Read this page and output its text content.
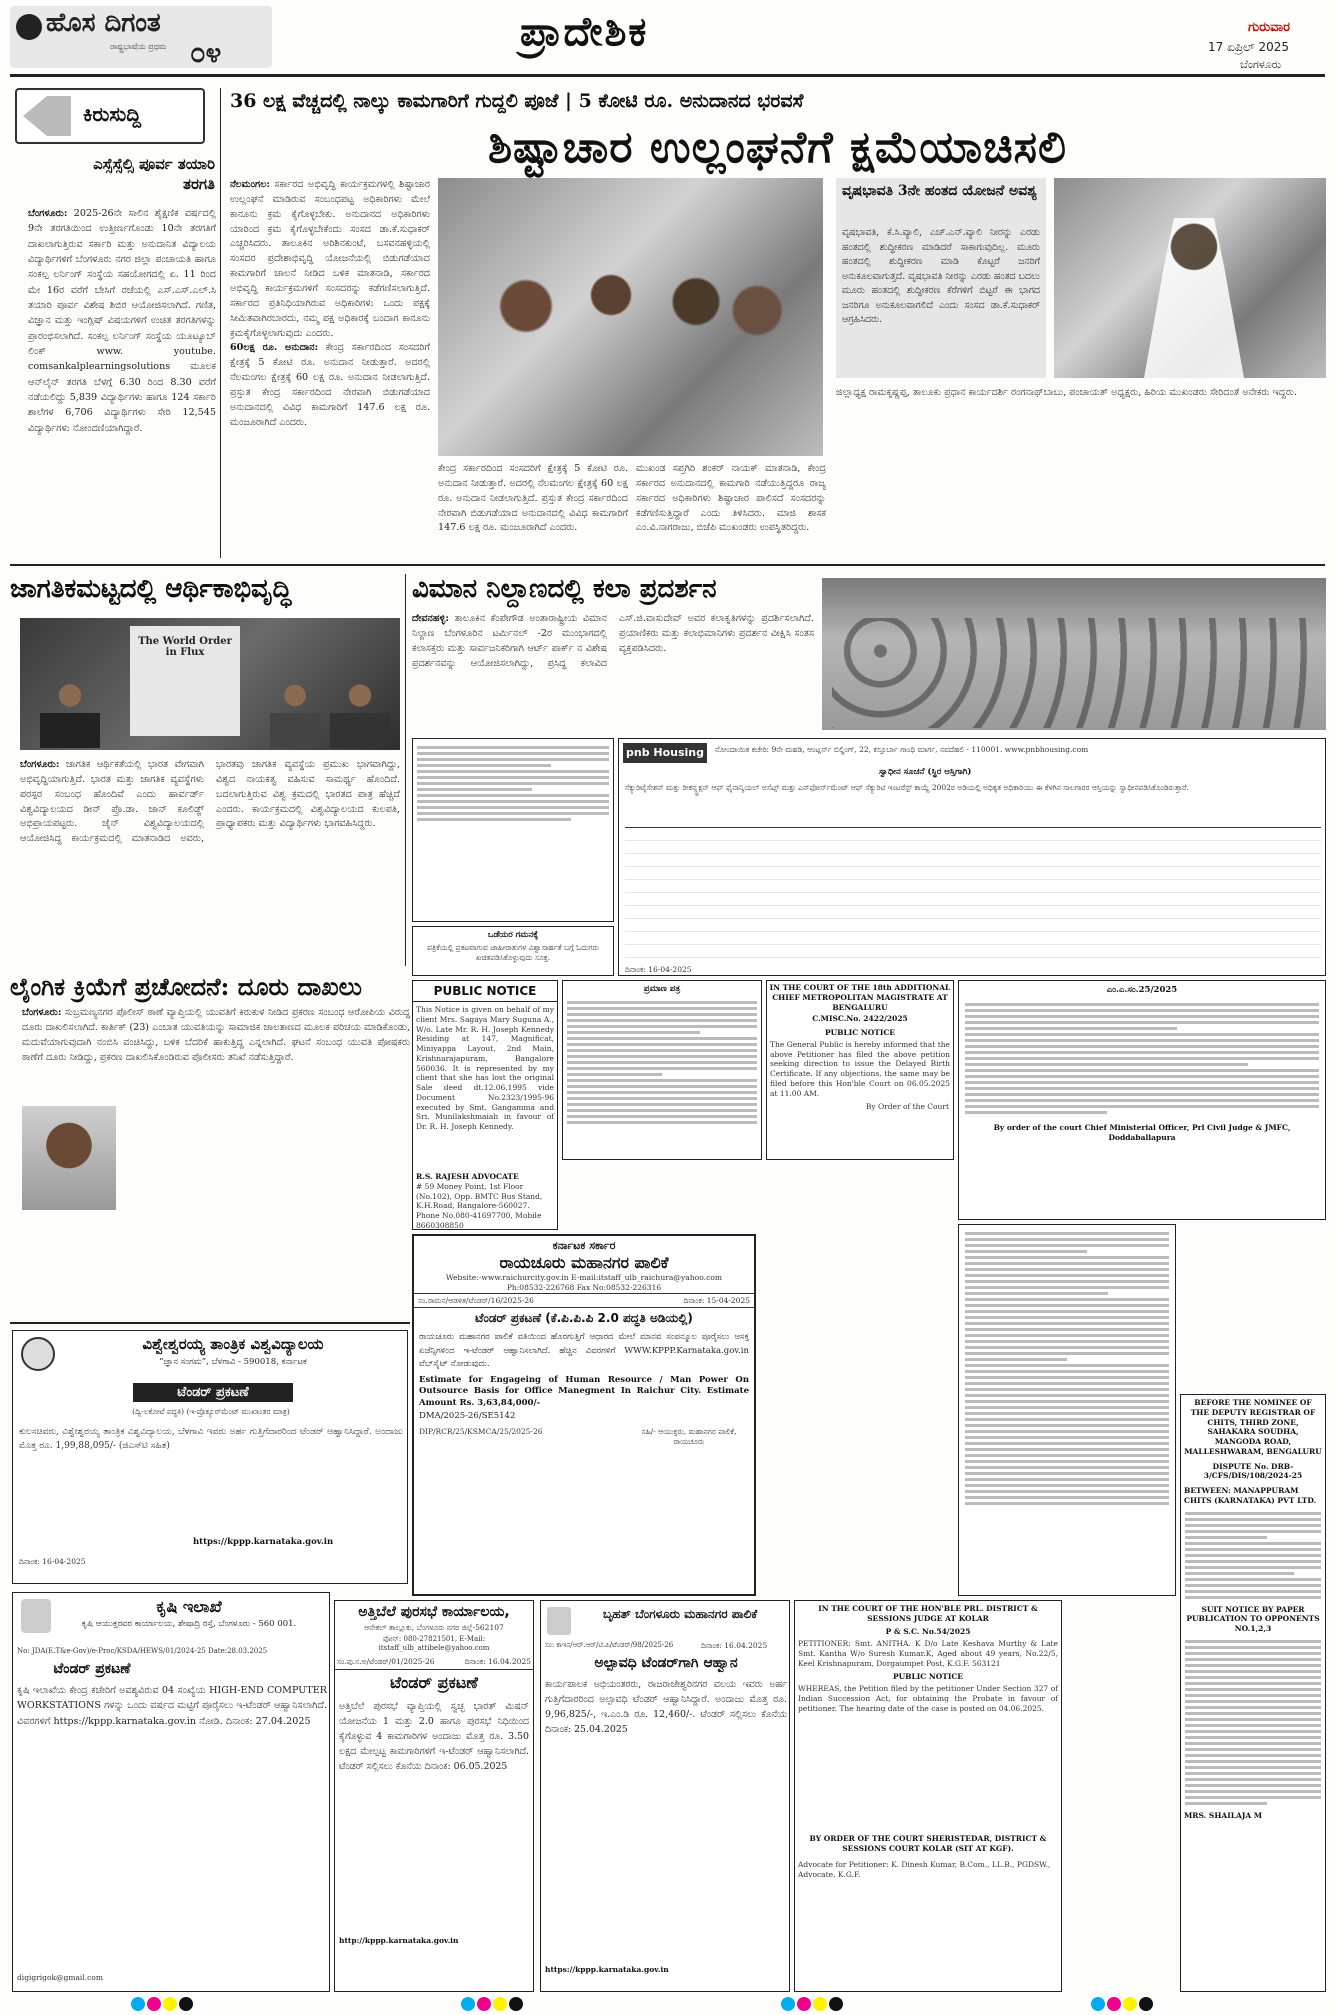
ಹೊಸ ದಿಗಂತ
ರಾಷ್ಟ್ರಭಾಷೆಯ ಪ್ರಥಮ ೦೪	ಪ್ರಾದೇಶಿಕ	ಗುರುವಾರ
17 ಏಪ್ರಿಲ್ 2025
ಬೆಂಗಳೂರು
ಕಿರುಸುದ್ದಿ
ಎಸ್ಸೆಸ್ಸೆಲ್ಸಿ ಪೂರ್ವ ತಯಾರಿ ತರಗತಿ
ಬೆಂಗಳೂರು: 2025-26ನೇ ಸಾಲಿನ ಶೈಕ್ಷಣಿಕ ವರ್ಷದಲ್ಲಿ 9ನೇ ತರಗತಿಯಿಂದ ಉತ್ತೀರ್ಣಗೊಂಡು 10ನೇ ತರಗತಿಗೆ ದಾಖಲಾಗುತ್ತಿರುವ ಸರ್ಕಾರಿ ಮತ್ತು ಅನುದಾನಿತ ವಿದ್ಯಾಲಯ ವಿದ್ಯಾರ್ಥಿಗಳಿಗೆ ಬೆಂಗಳೂರು ನಗರ ಜಿಲ್ಲಾ ಪಂಚಾಯತಿ ಹಾಗೂ ಸಂಕಲ್ಪ ಲರ್ನಿಂಗ್ ಸಂಸ್ಥೆಯ ಸಹಯೋಗದಲ್ಲಿ ಏ. 11 ರಿಂದ ಮೇ 16ರ ವರೆಗೆ ಬೇಸಿಗೆ ರಜೆಯಲ್ಲಿ ಎಸ್.ಎಸ್.ಎಲ್.ಸಿ ತಯಾರಿ ಪೂರ್ವ ವಿಶೇಷ ಶಿಬಿರ ಆಯೋಜಿಸಲಾಗಿದೆ. ಗಣಿತ, ವಿಜ್ಞಾನ ಮತ್ತು ಇಂಗ್ಲಿಷ್ ವಿಷಯಗಳಿಗೆ ಉಚಿತ ತರಗತಿಗಳನ್ನು ಪ್ರಾರಂಭಿಸಲಾಗಿದೆ. ಸಂಕಲ್ಪ ಲರ್ನಿಂಗ್ ಸಂಸ್ಥೆಯ ಯೂಟ್ಯೂಬ್ ಲಿಂಕ್ www. youtube. comsankalplearningsolutions ಮೂಲಕ ಆನ್‌ಲೈನ್ ತರಗತಿ ಬೆಳಗ್ಗೆ 6.30 ರಿಂದ 8.30 ವರೆಗೆ ನಡೆಯಲಿದ್ದು 5,839 ವಿದ್ಯಾರ್ಥಿಗಳು ಹಾಗೂ 124 ಸರ್ಕಾರಿ ಶಾಲೆಗಳ 6,706 ವಿದ್ಯಾರ್ಥಿಗಳು ಸೇರಿ 12,545 ವಿದ್ಯಾರ್ಥಿಗಳು ನೋಂದಣಿಯಾಗಿದ್ದಾರೆ.
36 ಲಕ್ಷ ವೆಚ್ಚದಲ್ಲಿ ನಾಲ್ಕು ಕಾಮಗಾರಿಗೆ ಗುದ್ದಲಿ ಪೂಜೆ | 5 ಕೋಟಿ ರೂ. ಅನುದಾನದ ಭರವಸೆ
ಶಿಷ್ಟಾಚಾರ ಉಲ್ಲಂಘನೆಗೆ ಕ್ಷಮೆಯಾಚಿಸಲಿ
ನೆಲಮಂಗಲ: ಸರ್ಕಾರದ ಅಭಿವೃದ್ಧಿ ಕಾರ್ಯಕ್ರಮಗಳಲ್ಲಿ ಶಿಷ್ಟಾಚಾರ ಉಲ್ಲಂಘನೆ ಮಾಡಿರುವ ಸಂಬಂಧಪಟ್ಟ ಅಧಿಕಾರಿಗಳು ಮೇಲೆ ಕಾನೂನು ಕ್ರಮ ಕೈಗೊಳ್ಳಬೇಕು. ಅನುದಾನದ ಅಧಿಕಾರಿಗಳು ಯಾರಿಂದ ಕ್ರಮ ಕೈಗೊಳ್ಳಬೇಕೆಂದು ಸಂಸದ ಡಾ.ಕೆ.ಸುಧಾಕರ್ ಎಚ್ಚರಿಸಿದರು. ತಾಲೂಕಿನ ಅರಿಶಿನಕುಂಟೆ, ಬಸವನಹಳ್ಳಿಯಲ್ಲಿ ಸಂಸದರ ಪ್ರದೇಶಾಭಿವೃದ್ಧಿ ಯೋಜನೆಯಲ್ಲಿ ಬಿಡುಗಡೆಯಾದ ಕಾಮಗಾರಿಗೆ ಚಾಲನೆ ನೀಡಿದ ಬಳಿಕ ಮಾತನಾಡಿ, ಸರ್ಕಾರದ ಅಭಿವೃದ್ಧಿ ಕಾರ್ಯಕ್ರಮಗಳಿಗೆ ಸಂಸದರನ್ನು ಕಡೆಗಣಿಸಲಾಗುತ್ತಿದೆ. ಸರ್ಕಾರದ ಪ್ರತಿನಿಧಿಯಾಗಿರುವ ಅಧಿಕಾರಿಗಳು ಒಂದು ಪಕ್ಷಕ್ಕೆ ಸೀಮಿತವಾಗಿರಬಾರದು, ನಮ್ಮ ಪಕ್ಷ ಅಧಿಕಾರಕ್ಕೆ ಬಂದಾಗ ಕಾನೂನು ಕ್ರಮಕೈಗೊಳ್ಳಲಾಗುವುದು ಎಂದರು.
60ಲಕ್ಷ ರೂ. ಅನುದಾನ: ಕೇಂದ್ರ ಸರ್ಕಾರದಿಂದ ಸಂಸದರಿಗೆ ಕ್ಷೇತ್ರಕ್ಕೆ 5 ಕೋಟಿ ರೂ. ಅನುದಾನ ನೀಡುತ್ತಾರೆ. ಅದರಲ್ಲಿ ನೆಲಮಂಗಲ ಕ್ಷೇತ್ರಕ್ಕೆ 60 ಲಕ್ಷ ರೂ. ಅನುದಾನ ನೀಡಲಾಗುತ್ತಿದೆ. ಪ್ರಸ್ತುತ ಕೇಂದ್ರ ಸರ್ಕಾರದಿಂದ ನೇರವಾಗಿ ಬಿಡುಗಡೆಯಾದ ಅನುದಾನದಲ್ಲಿ ವಿವಿಧ ಕಾಮಗಾರಿಗೆ 147.6 ಲಕ್ಷ ರೂ. ಮಂಜೂರಾಗಿದೆ ಎಂದರು.
ಕೇಂದ್ರ ಸರ್ಕಾರದಿಂದ ಸಂಸದರಿಗೆ ಕ್ಷೇತ್ರಕ್ಕೆ 5 ಕೋಟಿ ರೂ. ಅನುದಾನ ನೀಡುತ್ತಾರೆ. ಅದರಲ್ಲಿ ನೆಲಮಂಗಲ ಕ್ಷೇತ್ರಕ್ಕೆ 60 ಲಕ್ಷ ರೂ. ಅನುದಾನ ನೀಡಲಾಗುತ್ತಿದೆ. ಪ್ರಸ್ತುತ ಕೇಂದ್ರ ಸರ್ಕಾರದಿಂದ ನೇರವಾಗಿ ಬಿಡುಗಡೆಯಾದ ಅನುದಾನದಲ್ಲಿ ವಿವಿಧ ಕಾಮಗಾರಿಗೆ 147.6 ಲಕ್ಷ ರೂ. ಮಂಜೂರಾಗಿದೆ ಎಂದರು.
ಮುಖಂಡ ಸಪ್ತಗಿರಿ ಶಂಕರ್ ನಾಯಕ್ ಮಾತನಾಡಿ, ಕೇಂದ್ರ ಸರ್ಕಾರದ ಅನುದಾನದಲ್ಲಿ ಕಾಮಗಾರಿ ನಡೆಯುತ್ತಿದ್ದರೂ ರಾಜ್ಯ ಸರ್ಕಾರದ ಅಧಿಕಾರಿಗಳು ಶಿಷ್ಟಾಚಾರ ಪಾಲಿಸದೆ ಸಂಸದರನ್ನು ಕಡೆಗಣಿಸುತ್ತಿದ್ದಾರೆ ಎಂದು ತಿಳಿಸಿದರು. ಮಾಜಿ ಶಾಸಕ ಎಂ.ವಿ.ನಾಗರಾಜು, ಬಿಜೆಪಿ ಮುಖಂಡರು ಉಪಸ್ಥಿತರಿದ್ದರು.
ವೃಷಭಾವತಿ 3ನೇ ಹಂತದ ಯೋಜನೆ ಅವಶ್ಯ
ವೃಷಭಾವತಿ, ಕೆ.ಸಿ.ವ್ಯಾಲಿ, ಎಚ್.ಎನ್.ವ್ಯಾಲಿ ನೀರನ್ನು ಎರಡು ಹಂತದಲ್ಲಿ ಶುದ್ಧೀಕರಣ ಮಾಡಿದರೆ ಸಾಕಾಗುವುದಿಲ್ಲ. ಮೂರು ಹಂತದಲ್ಲಿ ಶುದ್ಧೀಕರಣ ಮಾಡಿ ಕೊಟ್ಟರೆ ಜನರಿಗೆ ಅನುಕೂಲವಾಗುತ್ತದೆ. ವೃಷಭಾವತಿ ನೀರನ್ನು ಎರಡು ಹಂತದ ಬದಲು ಮೂರು ಹಂತದಲ್ಲಿ ಶುದ್ಧೀಕರಣ ಕೆರೆಗಳಿಗೆ ಬಿಟ್ಟರೆ ಈ ಭಾಗದ ಜನರಿಗೂ ಅನುಕೂಲವಾಗಲಿದೆ ಎಂದು ಸಂಸದ ಡಾ.ಕೆ.ಸುಧಾಕರ್ ಆಗ್ರಹಿಸಿದರು.
ಜಿಲ್ಲಾಧ್ಯಕ್ಷ ರಾಮಕೃಷ್ಣಪ್ಪ, ತಾಲೂಕು ಪ್ರಧಾನ ಕಾರ್ಯದರ್ಶಿ ರಂಗನಾಥ್‌ಬಾಬು, ಪಂಚಾಯತ್ ಅಧ್ಯಕ್ಷರು, ಹಿರಿಯ ಮುಖಂಡರು ಸೇರಿದಂತೆ ಅನೇಕರು ಇದ್ದರು.
ಜಾಗತಿಕಮಟ್ಟದಲ್ಲಿ ಆರ್ಥಿಕಾಭಿವೃದ್ಧಿ
The World Order in Flux
ಬೆಂಗಳೂರು: ಜಾಗತಿಕ ಆರ್ಥಿಕತೆಯಲ್ಲಿ ಭಾರತ ವೇಗವಾಗಿ ಅಭಿವೃದ್ಧಿಯಾಗುತ್ತಿದೆ. ಭಾರತ ಮತ್ತು ಜಾಗತಿಕ ವ್ಯವಸ್ಥೆಗಳು ಪರಸ್ಪರ ಸಂಬಂಧ ಹೊಂದಿವೆ ಎಂದು ಹಾರ್ವರ್ಡ್ ವಿಶ್ವವಿದ್ಯಾಲಯದ ಡೀನ್ ಪ್ರೊ.ಡಾ. ಜಾನ್ ಕೂಲಿಡ್ಜ್ ಅಭಿಪ್ರಾಯಪಟ್ಟರು. ಜೈನ್ ವಿಶ್ವವಿದ್ಯಾಲಯದಲ್ಲಿ ಆಯೋಜಿಸಿದ್ದ ಕಾರ್ಯಕ್ರಮದಲ್ಲಿ ಮಾತನಾಡಿದ ಅವರು, ಭಾರತವು ಜಾಗತಿಕ ವ್ಯವಸ್ಥೆಯ ಪ್ರಮುಖ ಭಾಗವಾಗಿದ್ದು, ವಿಶ್ವದ ನಾಯಕತ್ವ ವಹಿಸುವ ಸಾಮರ್ಥ್ಯ ಹೊಂದಿದೆ. ಬದಲಾಗುತ್ತಿರುವ ವಿಶ್ವ ಕ್ರಮದಲ್ಲಿ ಭಾರತದ ಪಾತ್ರ ಹೆಚ್ಚಿದೆ ಎಂದರು. ಕಾರ್ಯಕ್ರಮದಲ್ಲಿ ವಿಶ್ವವಿದ್ಯಾಲಯದ ಕುಲಪತಿ, ಪ್ರಾಧ್ಯಾಪಕರು ಮತ್ತು ವಿದ್ಯಾರ್ಥಿಗಳು ಭಾಗವಹಿಸಿದ್ದರು.
ವಿಮಾನ ನಿಲ್ದಾಣದಲ್ಲಿ ಕಲಾ ಪ್ರದರ್ಶನ
ದೇವನಹಳ್ಳಿ: ತಾಲೂಕಿನ ಕೆಂಪೇಗೌಡ ಅಂತಾರಾಷ್ಟ್ರೀಯ ವಿಮಾನ ನಿಲ್ದಾಣ ಬೆಂಗಳೂರಿನ ಟರ್ಮಿನಲ್ -2ರ ಮುಂಭಾಗದಲ್ಲಿ ಕಲಾಸಕ್ತರು ಮತ್ತು ಸಾರ್ವಜನಿಕರಿಗಾಗಿ ಆರ್ಟ್ ಪಾರ್ಕ್ ನ ವಿಶೇಷ ಪ್ರದರ್ಶನವನ್ನು ಆಯೋಜಿಸಲಾಗಿದ್ದು, ಪ್ರಸಿದ್ಧ ಕಲಾವಿದ ಎಸ್.ಜಿ.ವಾಸುದೇವ್ ಅವರ ಕಲಾಕೃತಿಗಳನ್ನು ಪ್ರದರ್ಶಿಸಲಾಗಿದೆ. ಪ್ರಯಾಣಿಕರು ಮತ್ತು ಕಲಾಭಿಮಾನಿಗಳು ಪ್ರದರ್ಶನ ವೀಕ್ಷಿಸಿ ಸಂತಸ ವ್ಯಕ್ತಪಡಿಸಿದರು.
ಲೈಂಗಿಕ ಕ್ರಿಯೆಗೆ ಪ್ರಚೋದನೆ: ದೂರು ದಾಖಲು
ಬೆಂಗಳೂರು: ಸುಬ್ರಮಣ್ಯನಗರ ಪೊಲೀಸ್ ಠಾಣೆ ವ್ಯಾಪ್ತಿಯಲ್ಲಿ ಯುವತಿಗೆ ಕಿರುಕುಳ ನೀಡಿದ ಪ್ರಕರಣ ಸಂಬಂಧ ಆರೋಪಿಯ ವಿರುದ್ಧ ದೂರು ದಾಖಲಿಸಲಾಗಿದೆ. ಕಾರ್ತಿಕ್ (23) ಎಂಬಾತ ಯುವತಿಯನ್ನು ಸಾಮಾಜಿಕ ಜಾಲತಾಣದ ಮೂಲಕ ಪರಿಚಯ ಮಾಡಿಕೊಂಡು, ಮದುವೆಯಾಗುವುದಾಗಿ ನಂಬಿಸಿ ವಂಚಿಸಿದ್ದು, ಬಳಿಕ ಬೆದರಿಕೆ ಹಾಕುತ್ತಿದ್ದ ಎನ್ನಲಾಗಿದೆ. ಘಟನೆ ಸಂಬಂಧ ಯುವತಿ ಪೋಷಕರು ಠಾಣೆಗೆ ದೂರು ನೀಡಿದ್ದು, ಪ್ರಕರಣ ದಾಖಲಿಸಿಕೊಂಡಿರುವ ಪೊಲೀಸರು ತನಿಖೆ ನಡೆಸುತ್ತಿದ್ದಾರೆ.
ಒಡೆಯರ ಗಮನಕ್ಕೆ
ಪತ್ರಿಕೆಯಲ್ಲಿ ಪ್ರಕಟವಾಗುವ ಜಾಹೀರಾತುಗಳ ವಿಶ್ವಾಸಾರ್ಹತೆ ಬಗ್ಗೆ ಓದುಗರು ಖಚಿತಪಡಿಸಿಕೊಳ್ಳುವುದು ಸೂಕ್ತ.
pnb Housing	ನೋಂದಾಯಿತ ಕಚೇರಿ: 9ನೇ ಮಹಡಿ, ಆಂಟ್ಲರ್ಸ್ ಬಿಲ್ಡಿಂಗ್, 22, ಕಸ್ತೂರ್ಬಾ ಗಾಂಧಿ ಮಾರ್ಗ, ನವದೆಹಲಿ - 110001. www.pnbhousing.com
ಸ್ವಾಧೀನ ಸೂಚನೆ (ಸ್ಥಿರ ಆಸ್ತಿಗಾಗಿ)
ಸೆಕ್ಯುರಿಟೈಸೇಶನ್ ಮತ್ತು ರೀಕನ್ಸ್ಟ್ರಕ್ಷನ್ ಆಫ್ ಫೈನಾನ್ಶಿಯಲ್ ಅಸೆಟ್ಸ್ ಮತ್ತು ಎನ್‌ಫೋರ್ಸ್‌ಮೆಂಟ್ ಆಫ್ ಸೆಕ್ಯುರಿಟಿ ಇಂಟರೆಸ್ಟ್ ಕಾಯ್ದೆ 2002ರ ಅಡಿಯಲ್ಲಿ ಅಧಿಕೃತ ಅಧಿಕಾರಿಯು ಈ ಕೆಳಗಿನ ಸಾಲಗಾರರ ಆಸ್ತಿಯನ್ನು ಸ್ವಾಧೀನಪಡಿಸಿಕೊಂಡಿರುತ್ತಾರೆ.
ದಿನಾಂಕ: 16-04-2025
PUBLIC NOTICE
This Notice is given on behalf of my client Mrs. Sagaya Mary Suguna A., W/o. Late Mr. R. H. Joseph Kennedy Residing at 147, Magnificat, Miniyappa Layout, 2nd Main, Krishnarajapuram, Bangalore 560036. It is represented by my client that she has lost the original Sale deed dt.12.06.1995 vide Document No.2323/1995-96 executed by Smt. Gangamma and Sri. Munilakshmaiah in favour of Dr. R. H. Joseph Kennedy.
R.S. RAJESH ADVOCATE
# 59 Money Point, 1st Floor (No.102), Opp. BMTC Bus Stand, K.H.Road, Bangalore-560027. Phone No.080-41697700, Mobile 8660308850
ಪ್ರಮಾಣ ಪತ್ರ	IN THE COURT OF THE 18th ADDITIONAL CHIEF METROPOLITAN MAGISTRATE AT BENGALURU
C.MISC.No. 2422/2025
PUBLIC NOTICE
The General Public is hereby informed that the above Petitioner has filed the above petition seeking direction to issue the Delayed Birth Certificate. If any objections, the same may be filed before this Hon'ble Court on 06.05.2025 at 11.00 AM.
By Order of the Court
ಎಂ.ಎ.ಸಂ.25/2025
By order of the court Chief Ministerial Officer, Prl Civil Judge & JMFC, Doddaballapura
ವಿಶ್ವೇಶ್ವರಯ್ಯ ತಾಂತ್ರಿಕ ವಿಶ್ವವಿದ್ಯಾಲಯ
“ಜ್ಞಾನ ಸಂಗಮ”, ಬೆಳಗಾವಿ - 590018, ಕರ್ನಾಟಕ
ಟೆಂಡರ್ ಪ್ರಕಟಣೆ
(ದ್ವಿ-ಲಕೋಟೆ ಪದ್ಧತಿ) (ಇ-ಪ್ರೊಕ್ಯೂರ್‌ಮೆಂಟ್ ಮುಖಾಂತರ ಮಾತ್ರ)
ಕುಲಸಚಿವರು, ವಿಶ್ವೇಶ್ವರಯ್ಯ ತಾಂತ್ರಿಕ ವಿಶ್ವವಿದ್ಯಾಲಯ, ಬೆಳಗಾವಿ ಇವರು ಅರ್ಹ ಗುತ್ತಿಗೆದಾರರಿಂದ ಟೆಂಡರ್ ಆಹ್ವಾನಿಸಿದ್ದಾರೆ. ಅಂದಾಜು ಮೊತ್ತ ರೂ. 1,99,88,095/- (ಜಿಎಸ್‌ಟಿ ಸಹಿತ)
https://kppp.karnataka.gov.in
ದಿನಾಂಕ: 16-04-2025
ಕೃಷಿ ಇಲಾಖೆ
ಕೃಷಿ ಆಯುಕ್ತರವರ ಕಾರ್ಯಾಲಯ, ಶೇಷಾದ್ರಿ ರಸ್ತೆ, ಬೆಂಗಳೂರು - 560 001.
No: JDA(E.T&e-Gov)/e-Proc/KSDA/HEWS/01/2024-25 Date:28.03.2025
ಟೆಂಡರ್ ಪ್ರಕಟಣೆ
ಕೃಷಿ ಇಲಾಖೆಯ ಕೇಂದ್ರ ಕಚೇರಿಗೆ ಅವಶ್ಯವಿರುವ 04 ಸಂಖ್ಯೆಯ HIGH-END COMPUTER WORKSTATIONS ಗಳನ್ನು ಒಂದು ವರ್ಷದ ಮಟ್ಟಿಗೆ ಪೂರೈಸಲು ಇ-ಟೆಂಡರ್ ಆಹ್ವಾನಿಸಲಾಗಿದೆ. ವಿವರಗಳಿಗೆ https://kppp.karnataka.gov.in ನೋಡಿ. ದಿನಾಂಕ: 27.04.2025
digigrigok@gmail.com
ಅತ್ತಿಬೆಲೆ ಪುರಸಭೆ ಕಾರ್ಯಾಲಯ,
ಆನೇಕಲ್ ತಾಲ್ಲೂಕು, ಬೆಂಗಳೂರು ನಗರ ಜಿಲ್ಲೆ-562107
ಫೋನ್: 080-27821501, E-Mail: itstaff_ulb_attibele@yahoo.com
ಸಂ.ಪು.ಸ.ಅ/ಟೆಂಡರ್/01/2025-26	ದಿನಾಂಕ: 16.04.2025
ಟೆಂಡರ್ ಪ್ರಕಟಣೆ
ಅತ್ತಿಬೆಲೆ ಪುರಸಭೆ ವ್ಯಾಪ್ತಿಯಲ್ಲಿ ಸ್ವಚ್ಛ ಭಾರತ್ ಮಿಷನ್ ಯೋಜನೆಯ 1 ಮತ್ತು 2.0 ಹಾಗೂ ಪುರಸಭೆ ನಿಧಿಯಿಂದ ಕೈಗೊಳ್ಳುವ 4 ಕಾಮಗಾರಿಗಳ ಅಂದಾಜು ಮೊತ್ತ ರೂ. 3.50 ಲಕ್ಷದ ಮೇಲ್ಪಟ್ಟ ಕಾಮಗಾರಿಗಳಿಗೆ ಇ-ಟೆಂಡರ್ ಆಹ್ವಾನಿಸಲಾಗಿದೆ. ಟೆಂಡರ್ ಸಲ್ಲಿಸಲು ಕೊನೆಯ ದಿನಾಂಕ: 06.05.2025
http://kppp.karnataka.gov.in
ಕರ್ನಾಟಕ ಸರ್ಕಾರ
ರಾಯಚೂರು ಮಹಾನಗರ ಪಾಲಿಕೆ
Website:-www.raichurcity.gov.in E-mail:itstaff_ulb_raichura@yahoo.com
Ph:08532-226768 Fax No:08532-226316
ಸಂ.ರಾಮನ/ಆಡಳಿತ/ಟೆಂಡರ್/16/2025-26	ದಿನಾಂಕ: 15-04-2025
ಟೆಂಡರ್ ಪ್ರಕಟಣೆ (ಕೆ.ಪಿ.ಪಿ.ಪಿ 2.0 ಪದ್ಧತಿ ಅಡಿಯಲ್ಲಿ)
ರಾಯಚೂರು ಮಹಾನಗರ ಪಾಲಿಕೆ ವತಿಯಿಂದ ಹೊರಗುತ್ತಿಗೆ ಆಧಾರದ ಮೇಲೆ ಮಾನವ ಸಂಪನ್ಮೂಲ ಪೂರೈಸಲು ಆಸಕ್ತ ಏಜೆನ್ಸಿಗಳಿಂದ ಇ-ಟೆಂಡರ್ ಆಹ್ವಾನಿಸಲಾಗಿದೆ. ಹೆಚ್ಚಿನ ವಿವರಗಳಿಗೆ WWW.KPPP.Karnataka.gov.in ವೆಬ್‌ಸೈಟ್ ನೋಡುವುದು.
Estimate for Engageing of Human Resource / Man Power On Outsource Basis for Office Manegment In Raichur City. Estimate Amount Rs. 3,63,84,000/-
DMA/2025-26/SE5142
DIP/RCR/25/KSMCA/25/2025-26	ಸಹಿ/- ಆಯುಕ್ತರು, ಮಹಾನಗರ ಪಾಲಿಕೆ, ರಾಯಚೂರು
ಬೃಹತ್ ಬೆಂಗಳೂರು ಮಹಾನಗರ ಪಾಲಿಕೆ
ಸಂ: ಕಾಇಸ/ಆರ್.ಆರ್/ಟಿ.ಪಿ/ಟೆಂಡರ್/98/2025-26	ದಿನಾಂಕ: 16.04.2025
ಅಲ್ಪಾವಧಿ ಟೆಂಡರ್‌ಗಾಗಿ ಆಹ್ವಾನ
ಕಾರ್ಯಪಾಲಕ ಅಭಿಯಂತರರು, ರಾಜರಾಜೇಶ್ವರಿನಗರ ವಲಯ ಇವರು ಅರ್ಹ ಗುತ್ತಿಗೆದಾರರಿಂದ ಅಲ್ಪಾವಧಿ ಟೆಂಡರ್ ಆಹ್ವಾನಿಸಿದ್ದಾರೆ. ಅಂದಾಜು ಮೊತ್ತ ರೂ. 9,96,825/-, ಇ.ಎಂ.ಡಿ ರೂ. 12,460/-. ಟೆಂಡರ್ ಸಲ್ಲಿಸಲು ಕೊನೆಯ ದಿನಾಂಕ: 25.04.2025
https://kppp.karnataka.gov.in
IN THE COURT OF THE HON'BLE PRL. DISTRICT & SESSIONS JUDGE AT KOLAR
P & S.C. No.54/2025
PETITIONER: Smt. ANITHA. K D/o Late Keshava Murthy & Late Smt. Kantha W/o Suresh Kumar.K, Aged about 49 years, No.22/5, Keel Krishnapuram, Dorgaumpet Post, K.G.F. 563121
PUBLIC NOTICE
WHEREAS, the Petition filed by the petitioner Under Section 327 of Indian Succession Act, for obtaining the Probate in favour of petitioner. The hearing date of the case is posted on 04.06.2025.
BY ORDER OF THE COURT SHERISTEDAR, DISTRICT & SESSIONS COURT KOLAR (SIT AT KGF).
Advocate for Petitioner: K. Dinesh Kumar, B.Com., LL.B., PGDSW., Advocate, K.G.F.
BEFORE THE NOMINEE OF THE DEPUTY REGISTRAR OF CHITS, THIRD ZONE, SAHAKARA SOUDHA, MANGODA ROAD, MALLESHWARAM, BENGALURU
DISPUTE No. DRB-3/CFS/DIS/108/2024-25
BETWEEN: MANAPPURAM CHITS (KARNATAKA) PVT LTD.
SUIT NOTICE BY PAPER PUBLICATION TO OPPONENTS NO.1,2,3
MRS. SHAILAJA M
